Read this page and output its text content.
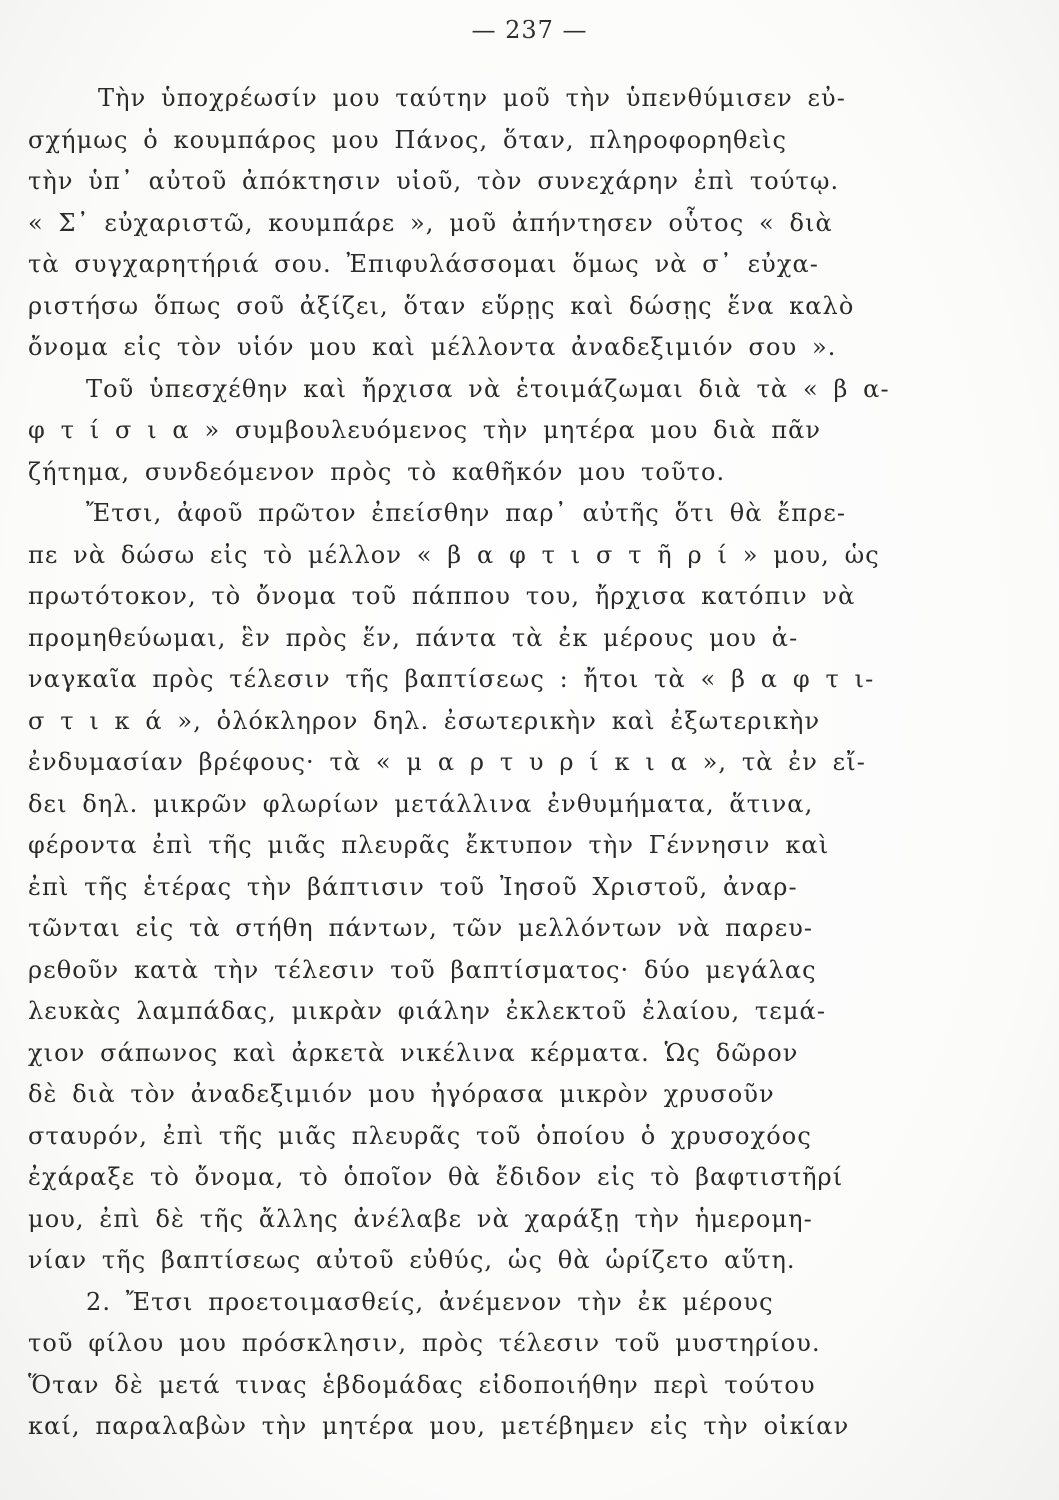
— 237 —
Τὴν ὑποχρέωσίν μου ταύτην μοῦ τὴν ὑπενθύμισεν εὐ-
σχήμως ὁ κουμπάρος μου Πάνος, ὅταν, πληροφορηθεὶς
τὴν ὑπ᾽ αὐτοῦ ἀπόκτησιν υἱοῦ, τὸν συνεχάρην ἐπὶ τούτῳ.
« Σ᾽ εὐχαριστῶ, κουμπάρε », μοῦ ἀπήντησεν οὗτος « διὰ
τὰ συγχαρητήριά σου. Ἐπιφυλάσσομαι ὅμως νὰ σ᾽ εὐχα-
ριστήσω ὅπως σοῦ ἀξίζει, ὅταν εὕρῃς καὶ δώσῃς ἕνα καλὸ
ὄνομα εἰς τὸν υἱόν μου καὶ μέλλοντα ἀναδεξιμιόν σου ».
Τοῦ ὑπεσχέθην καὶ ἤρχισα νὰ ἑτοιμάζωμαι διὰ τὰ « β α-
φ τ ί σ ι α » συμβουλευόμενος τὴν μητέρα μου διὰ πᾶν
ζήτημα, συνδεόμενον πρὸς τὸ καθῆκόν μου τοῦτο.
Ἔτσι, ἀφοῦ πρῶτον ἐπείσθην παρ᾽ αὐτῆς ὅτι θὰ ἔπρε-
πε νὰ δώσω εἰς τὸ μέλλον « β α φ τ ι σ τ ῆ ρ ί » μου, ὡς
πρωτότοκον, τὸ ὄνομα τοῦ πάππου του, ἤρχισα κατόπιν νὰ
προμηθεύωμαι, ἓν πρὸς ἕν, πάντα τὰ ἐκ μέρους μου ἀ-
ναγκαῖα πρὸς τέλεσιν τῆς βαπτίσεως : ἤτοι τὰ « β α φ τ ι-
σ τ ι κ ά », ὁλόκληρον δηλ. ἐσωτερικὴν καὶ ἐξωτερικὴν
ἐνδυμασίαν βρέφους· τὰ « μ α ρ τ υ ρ ί κ ι α », τὰ ἐν εἴ-
δει δηλ. μικρῶν φλωρίων μετάλλινα ἐνθυμήματα, ἅτινα,
φέροντα ἐπὶ τῆς μιᾶς πλευρᾶς ἔκτυπον τὴν Γέννησιν καὶ
ἐπὶ τῆς ἑτέρας τὴν βάπτισιν τοῦ Ἰησοῦ Χριστοῦ, ἀναρ-
τῶνται εἰς τὰ στήθη πάντων, τῶν μελλόντων νὰ παρευ-
ρεθοῦν κατὰ τὴν τέλεσιν τοῦ βαπτίσματος· δύο μεγάλας
λευκὰς λαμπάδας, μικρὰν φιάλην ἐκλεκτοῦ ἐλαίου, τεμά-
χιον σάπωνος καὶ ἀρκετὰ νικέλινα κέρματα. Ὡς δῶρον
δὲ διὰ τὸν ἀναδεξιμιόν μου ἠγόρασα μικρὸν χρυσοῦν
σταυρόν, ἐπὶ τῆς μιᾶς πλευρᾶς τοῦ ὁποίου ὁ χρυσοχόος
ἐχάραξε τὸ ὄνομα, τὸ ὁποῖον θὰ ἔδιδον εἰς τὸ βαφτιστῆρί
μου, ἐπὶ δὲ τῆς ἄλλης ἀνέλαβε νὰ χαράξῃ τὴν ἡμερομη-
νίαν τῆς βαπτίσεως αὐτοῦ εὐθύς, ὡς θὰ ὡρίζετο αὕτη.
2. Ἔτσι προετοιμασθείς, ἀνέμενον τὴν ἐκ μέρους
τοῦ φίλου μου πρόσκλησιν, πρὸς τέλεσιν τοῦ μυστηρίου.
Ὅταν δὲ μετά τινας ἑβδομάδας εἰδοποιήθην περὶ τούτου
καί, παραλαβὼν τὴν μητέρα μου, μετέβημεν εἰς τὴν οἰκίαν
